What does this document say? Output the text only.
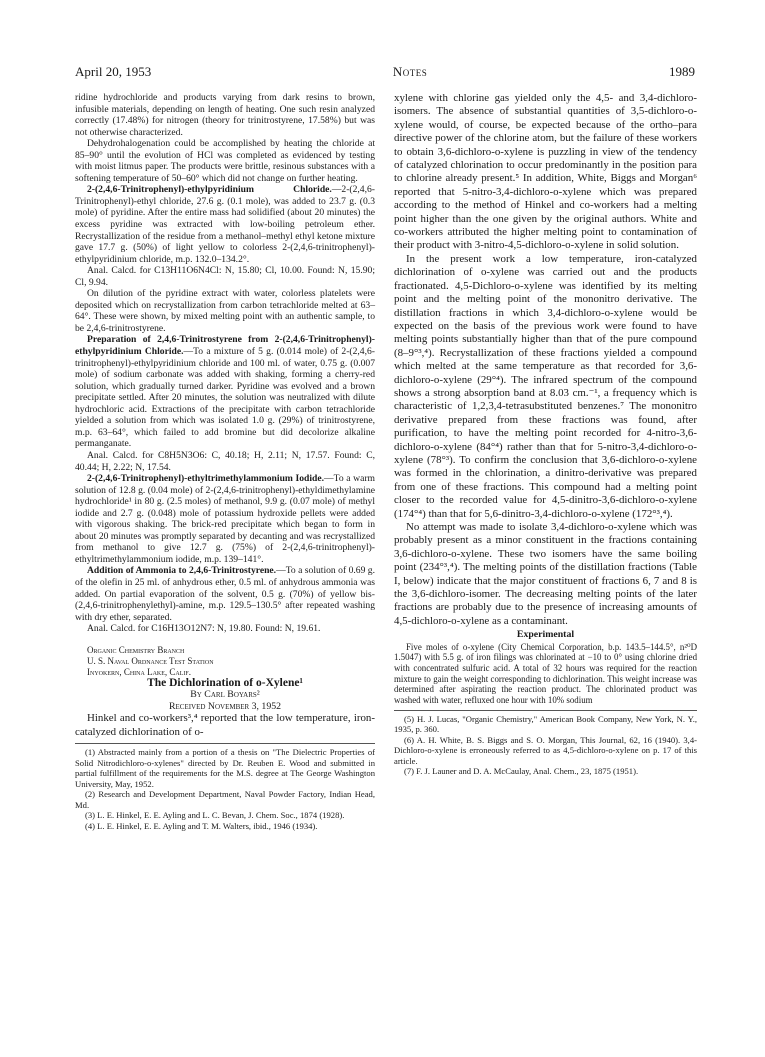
April 20, 1953	Notes	1989

ridine hydrochloride and products varying from dark resins to brown, infusible materials, depending on length of heating. One such resin analyzed correctly (17.48%) for nitrogen (theory for trinitrostyrene, 17.58%) but was not otherwise characterized.

Dehydrohalogenation could be accomplished by heating the chloride at 85–90° until the evolution of HCl was completed as evidenced by testing with moist litmus paper. The products were brittle, resinous substances with a softening temperature of 50–60° which did not change on further heating.

2-(2,4,6-Trinitrophenyl)-ethylpyridinium Chloride.—2-(2,4,6-Trinitrophenyl)-ethyl chloride, 27.6 g. (0.1 mole), was added to 23.7 g. (0.3 mole) of pyridine. After the entire mass had solidified (about 20 minutes) the excess pyridine was extracted with low-boiling petroleum ether. Recrystallization of the residue from a methanol–methyl ethyl ketone mixture gave 17.7 g. (50%) of light yellow to colorless 2-(2,4,6-trinitrophenyl)-ethylpyridinium chloride, m.p. 132.0–134.2°.

Anal. Calcd. for C13H11O6N4Cl: N, 15.80; Cl, 10.00. Found: N, 15.90; Cl, 9.94.

On dilution of the pyridine extract with water, colorless platelets were deposited which on recrystallization from carbon tetrachloride melted at 63–64°. These were shown, by mixed melting point with an authentic sample, to be 2,4,6-trinitrostyrene.

Preparation of 2,4,6-Trinitrostyrene from 2-(2,4,6-Trinitrophenyl)-ethylpyridinium Chloride.—To a mixture of 5 g. (0.014 mole) of 2-(2,4,6-trinitrophenyl)-ethylpyridinium chloride and 100 ml. of water, 0.75 g. (0.007 mole) of sodium carbonate was added with shaking, forming a cherry-red solution, which gradually turned darker. Pyridine was evolved and a brown precipitate settled. After 20 minutes, the solution was neutralized with dilute hydrochloric acid. Extractions of the precipitate with carbon tetrachloride yielded a solution from which was isolated 1.0 g. (29%) of trinitrostyrene, m.p. 63–64°, which failed to add bromine but did decolorize alkaline permanganate.

Anal. Calcd. for C8H5N3O6: C, 40.18; H, 2.11; N, 17.57. Found: C, 40.44; H, 2.22; N, 17.54.

2-(2,4,6-Trinitrophenyl)-ethyltrimethylammonium Iodide.—To a warm solution of 12.8 g. (0.04 mole) of 2-(2,4,6-trinitrophenyl)-ethyldimethylamine hydrochloride¹ in 80 g. (2.5 moles) of methanol, 9.9 g. (0.07 mole) of methyl iodide and 2.7 g. (0.048) mole of potassium hydroxide pellets were added with vigorous shaking. The brick-red precipitate which began to form in about 20 minutes was promptly separated by decanting and was recrystallized from methanol to give 12.7 g. (75%) of 2-(2,4,6-trinitrophenyl)-ethyltrimethylammonium iodide, m.p. 139–141°.

Addition of Ammonia to 2,4,6-Trinitrostyrene.—To a solution of 0.69 g. of the olefin in 25 ml. of anhydrous ether, 0.5 ml. of anhydrous ammonia was added. On partial evaporation of the solvent, 0.5 g. (70%) of yellow bis-(2,4,6-trinitrophenylethyl)-amine, m.p. 129.5–130.5° after repeated washing with dry ether, separated.

Anal. Calcd. for C16H13O12N7: N, 19.80. Found: N, 19.61.

Organic Chemistry Branch

U. S. Naval Ordnance Test Station

Inyokern, China Lake, Calif.

The Dichlorination of o-Xylene¹

By Carl Boyars²

Received November 3, 1952

Hinkel and co-workers³,⁴ reported that the low temperature, iron-catalyzed dichlorination of o-

(1) Abstracted mainly from a portion of a thesis on "The Dielectric Properties of Solid Nitrodichloro-o-xylenes" directed by Dr. Reuben E. Wood and submitted in partial fulfillment of the requirements for the M.S. degree at The George Washington University, May, 1952.

(2) Research and Development Department, Naval Powder Factory, Indian Head, Md.

(3) L. E. Hinkel, E. E. Ayling and L. C. Bevan, J. Chem. Soc., 1874 (1928).

(4) L. E. Hinkel, E. E. Ayling and T. M. Walters, ibid., 1946 (1934).

xylene with chlorine gas yielded only the 4,5- and 3,4-dichloro-isomers. The absence of substantial quantities of 3,5-dichloro-o-xylene would, of course, be expected because of the ortho–para directive power of the chlorine atom, but the failure of these workers to obtain 3,6-dichloro-o-xylene is puzzling in view of the tendency of catalyzed chlorination to occur predominantly in the position para to chlorine already present.⁵ In addition, White, Biggs and Morgan⁶ reported that 5-nitro-3,4-dichloro-o-xylene which was prepared according to the method of Hinkel and co-workers had a melting point higher than the one given by the original authors. White and co-workers attributed the higher melting point to contamination of their product with 3-nitro-4,5-dichloro-o-xylene in solid solution.

In the present work a low temperature, iron-catalyzed dichlorination of o-xylene was carried out and the products fractionated. 4,5-Dichloro-o-xylene was identified by its melting point and the melting point of the mononitro derivative. The distillation fractions in which 3,4-dichloro-o-xylene would be expected on the basis of the previous work were found to have melting points substantially higher than that of the pure compound (8–9°³,⁴). Recrystallization of these fractions yielded a compound which melted at the same temperature as that recorded for 3,6-dichloro-o-xylene (29°⁴). The infrared spectrum of the compound shows a strong absorption band at 8.03 cm.⁻¹, a frequency which is characteristic of 1,2,3,4-tetrasubstituted benzenes.⁷ The mononitro derivative prepared from these fractions was found, after purification, to have the melting point recorded for 4-nitro-3,6-dichloro-o-xylene (84°⁴) rather than that for 5-nitro-3,4-dichloro-o-xylene (78°³). To confirm the conclusion that 3,6-dichloro-o-xylene was formed in the chlorination, a dinitro-derivative was prepared from one of these fractions. This compound had a melting point closer to the recorded value for 4,5-dinitro-3,6-dichloro-o-xylene (174°⁴) than that for 5,6-dinitro-3,4-dichloro-o-xylene (172°³,⁴).

No attempt was made to isolate 3,4-dichloro-o-xylene which was probably present as a minor constituent in the fractions containing 3,6-dichloro-o-xylene. These two isomers have the same boiling point (234°³,⁴). The melting points of the distillation fractions (Table I, below) indicate that the major constituent of fractions 6, 7 and 8 is the 3,6-dichloro-isomer. The decreasing melting points of the later fractions are probably due to the presence of increasing amounts of 4,5-dichloro-o-xylene as a contaminant.

Experimental

Five moles of o-xylene (City Chemical Corporation, b.p. 143.5–144.5°, n²⁰D 1.5047) with 5.5 g. of iron filings was chlorinated at −10 to 0° using chlorine dried with concentrated sulfuric acid. A total of 32 hours was required for the reaction mixture to gain the weight corresponding to dichlorination. This weight increase was determined after aspirating the reaction product. The chlorinated product was washed with water, refluxed one hour with 10% sodium

(5) H. J. Lucas, "Organic Chemistry," American Book Company, New York, N. Y., 1935, p. 360.

(6) A. H. White, B. S. Biggs and S. O. Morgan, This Journal, 62, 16 (1940). 3,4-Dichloro-o-xylene is erroneously referred to as 4,5-dichloro-o-xylene on p. 17 of this article.

(7) F. J. Launer and D. A. McCaulay, Anal. Chem., 23, 1875 (1951).
